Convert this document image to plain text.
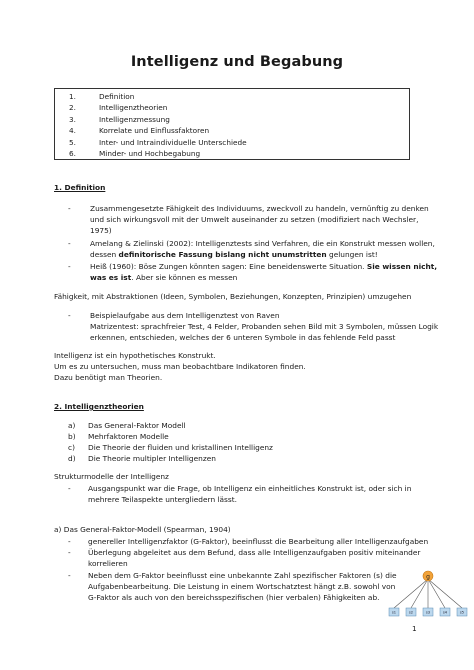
Intelligenz und Begabung
1.	Definition
2.	Intelligenztheorien
3.	Intelligenzmessung
4.	Korrelate und Einflussfaktoren
5.	Inter- und Intraindividuelle Unterschiede
6.	Minder- und Hochbegabung
1. Definition
-	Zusammengesetzte Fähigkeit des Individuums, zweckvoll zu handeln, vernünftig zu denken
und sich wirkungsvoll mit der Umwelt auseinander zu setzen (modifiziert nach Wechsler,
1975)
-	Amelang & Zielinski (2002): Intelligenztests sind Verfahren, die ein Konstrukt messen wollen,
dessen definitorische Fassung bislang nicht unumstritten gelungen ist!
-	Heiß (1960): Böse Zungen könnten sagen: Eine beneidenswerte Situation. Sie wissen nicht,
was es ist. Aber sie können es messen
Fähigkeit, mit Abstraktionen (Ideen, Symbolen, Beziehungen, Konzepten, Prinzipien) umzugehen
-	Beispielaufgabe aus dem Intelligenztest von Raven
Matrizentest: sprachfreier Test, 4 Felder, Probanden sehen Bild mit 3 Symbolen, müssen Logik
erkennen, entschieden, welches der 6 unteren Symbole in das fehlende Feld passt
Intelligenz ist ein hypothetisches Konstrukt.
Um es zu untersuchen, muss man beobachtbare Indikatoren finden.
Dazu benötigt man Theorien.
2. Intelligenztheorien
a) Das General-Faktor Modell
b) Mehrfaktoren Modelle
c) Die Theorie der fluiden und kristallinen Intelligenz
d) Die Theorie multipler Intelligenzen
Strukturmodelle der Intelligenz
- Ausgangspunkt war die Frage, ob Intelligenz ein einheitliches Konstrukt ist, oder sich in
mehrere Teilaspekte untergliedern lässt.
a) Das General-Faktor-Modell (Spearman, 1904)
- genereller Intelligenzfaktor (G-Faktor), beeinflusst die Bearbeitung aller Intelligenzaufgaben
- Überlegung abgeleitet aus dem Befund, dass alle Intelligenzaufgaben positiv miteinander
korrelieren
- Neben dem G-Faktor beeinflusst eine unbekannte Zahl spezifischer Faktoren (s) die
Aufgabenbearbeitung. Die Leistung in einem Wortschatztest hängt z.B. sowohl von
G-Faktor als auch von den bereichsspezifischen (hier verbalen) Fähigkeiten ab.
g
s1	s2	s3	s4	s5
1
